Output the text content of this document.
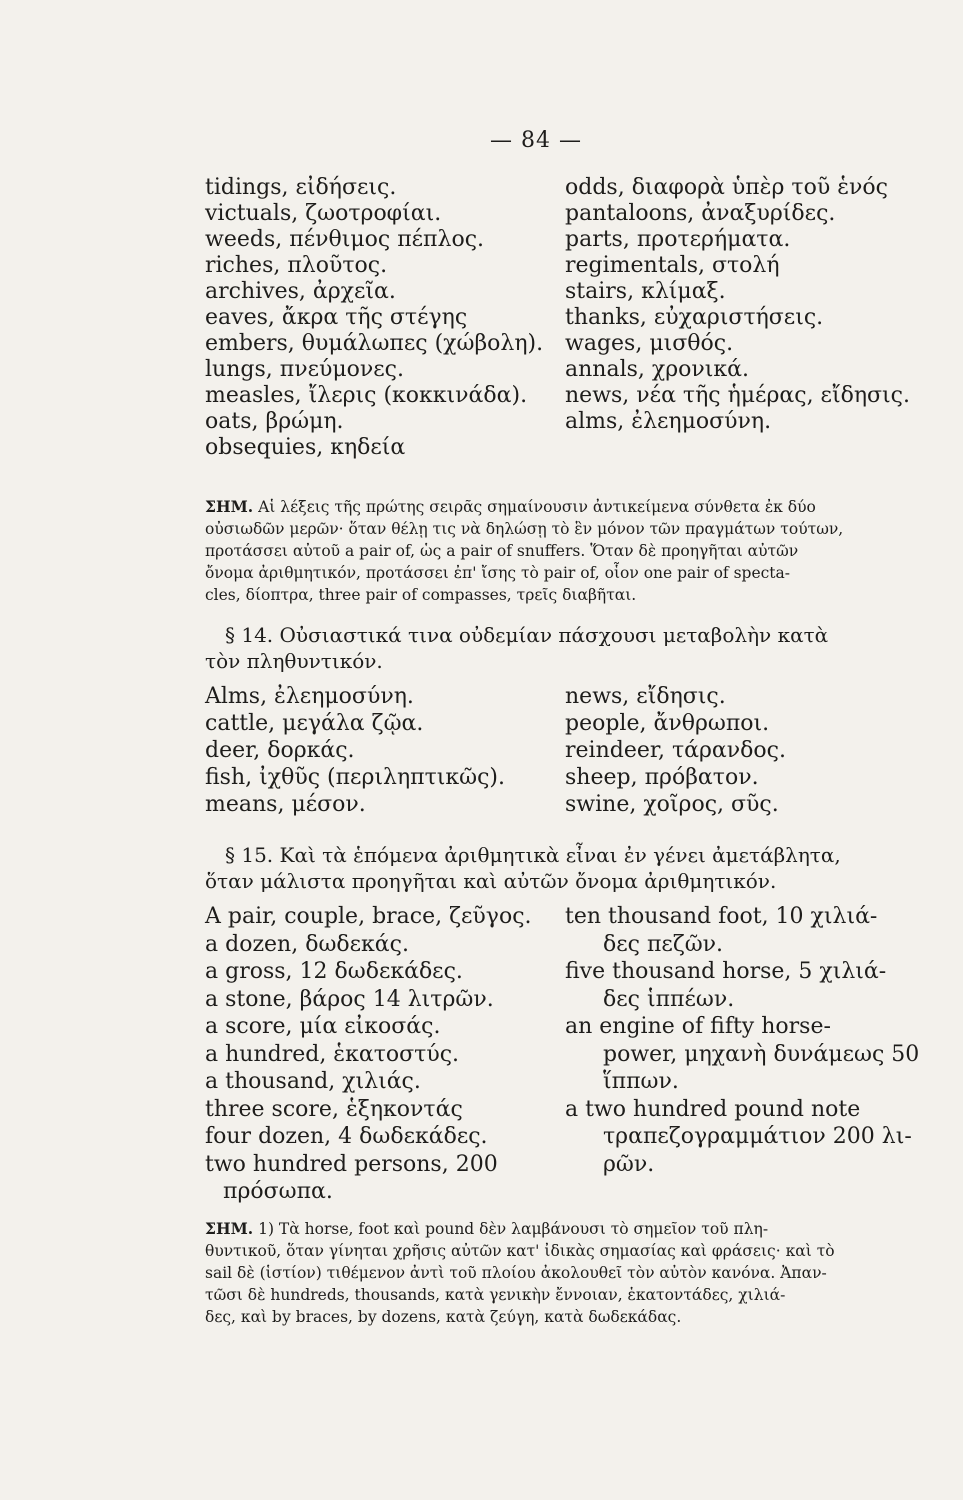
— 84 —
tidings, εἰδήσεις.
victuals, ζωοτροφίαι.
weeds, πένθιμος πέπλος.
riches, πλοῦτος.
archives, ἀρχεῖα.
eaves, ἄκρα τῆς στέγης
embers, θυμάλωπες (χώβολη).
lungs, πνεύμονες.
measles, ἴλερις (κοκκινάδα).
oats, βρώμη.
obsequies, κηδεία
odds, διαφορὰ ὑπὲρ τοῦ ἑνός
pantaloons, ἀναξυρίδες.
parts, προτερήματα.
regimentals, στολή
stairs, κλίμαξ.
thanks, εὐχαριστήσεις.
wages, μισθός.
annals, χρονικά.
news, νέα τῆς ἡμέρας, εἴδησις.
alms, ἐλεημοσύνη.
ΣΗΜ. Αἱ λέξεις τῆς πρώτης σειρᾶς σημαίνουσιν ἀντικείμενα σύνθετα ἐκ δύο
οὐσιωδῶν μερῶν· ὅταν θέλῃ τις νὰ δηλώσῃ τὸ ἓν μόνον τῶν πραγμάτων τούτων,
προτάσσει αὐτοῦ a pair of, ὡς a pair of snuffers. Ὅταν δὲ προηγῆται αὐτῶν
ὄνομα ἀριθμητικόν, προτάσσει ἐπ' ἴσης τὸ pair of, οἷον one pair of specta-
cles, δίοπτρα, three pair of compasses, τρεῖς διαβῆται.
§ 14. Οὐσιαστικά τινα οὐδεμίαν πάσχουσι μεταβολὴν κατὰ
τὸν πληθυντικόν.
Alms, ἐλεημοσύνη.
cattle, μεγάλα ζῷα.
deer, δορκάς.
fish, ἰχθῦς (περιληπτικῶς).
means, μέσον.
news, εἴδησις.
people, ἄνθρωποι.
reindeer, τάρανδος.
sheep, πρόβατον.
swine, χοῖρος, σῦς.
§ 15. Καὶ τὰ ἑπόμενα ἀριθμητικὰ εἶναι ἐν γένει ἀμετάβλητα,
ὅταν μάλιστα προηγῆται καὶ αὐτῶν ὄνομα ἀριθμητικόν.
A pair, couple, brace, ζεῦγος.
a dozen, δωδεκάς.
a gross, 12 δωδεκάδες.
a stone, βάρος 14 λιτρῶν.
a score, μία εἰκοσάς.
a hundred, ἑκατοστύς.
a thousand, χιλιάς.
three score, ἑξηκοντάς
four dozen, 4 δωδεκάδες.
two hundred persons, 200
πρόσωπα.
ten thousand foot, 10 χιλιά-
δες πεζῶν.
five thousand horse, 5 χιλιά-
δες ἱππέων.
an engine of fifty horse-
power, μηχανὴ δυνάμεως 50
ἵππων.
a two hundred pound note
τραπεζογραμμάτιον 200 λι-
ρῶν.
ΣΗΜ. 1) Τὰ horse, foot καὶ pound δὲν λαμβάνουσι τὸ σημεῖον τοῦ πλη-
θυντικοῦ, ὅταν γίνηται χρῆσις αὐτῶν κατ' ἰδικὰς σημασίας καὶ φράσεις· καὶ τὸ
sail δὲ (ἱστίον) τιθέμενον ἀντὶ τοῦ πλοίου ἀκολουθεῖ τὸν αὐτὸν κανόνα. Ἀπαν-
τῶσι δὲ hundreds, thousands, κατὰ γενικὴν ἔννοιαν, ἑκατοντάδες, χιλιά-
δες, καὶ by braces, by dozens, κατὰ ζεύγη, κατὰ δωδεκάδας.
